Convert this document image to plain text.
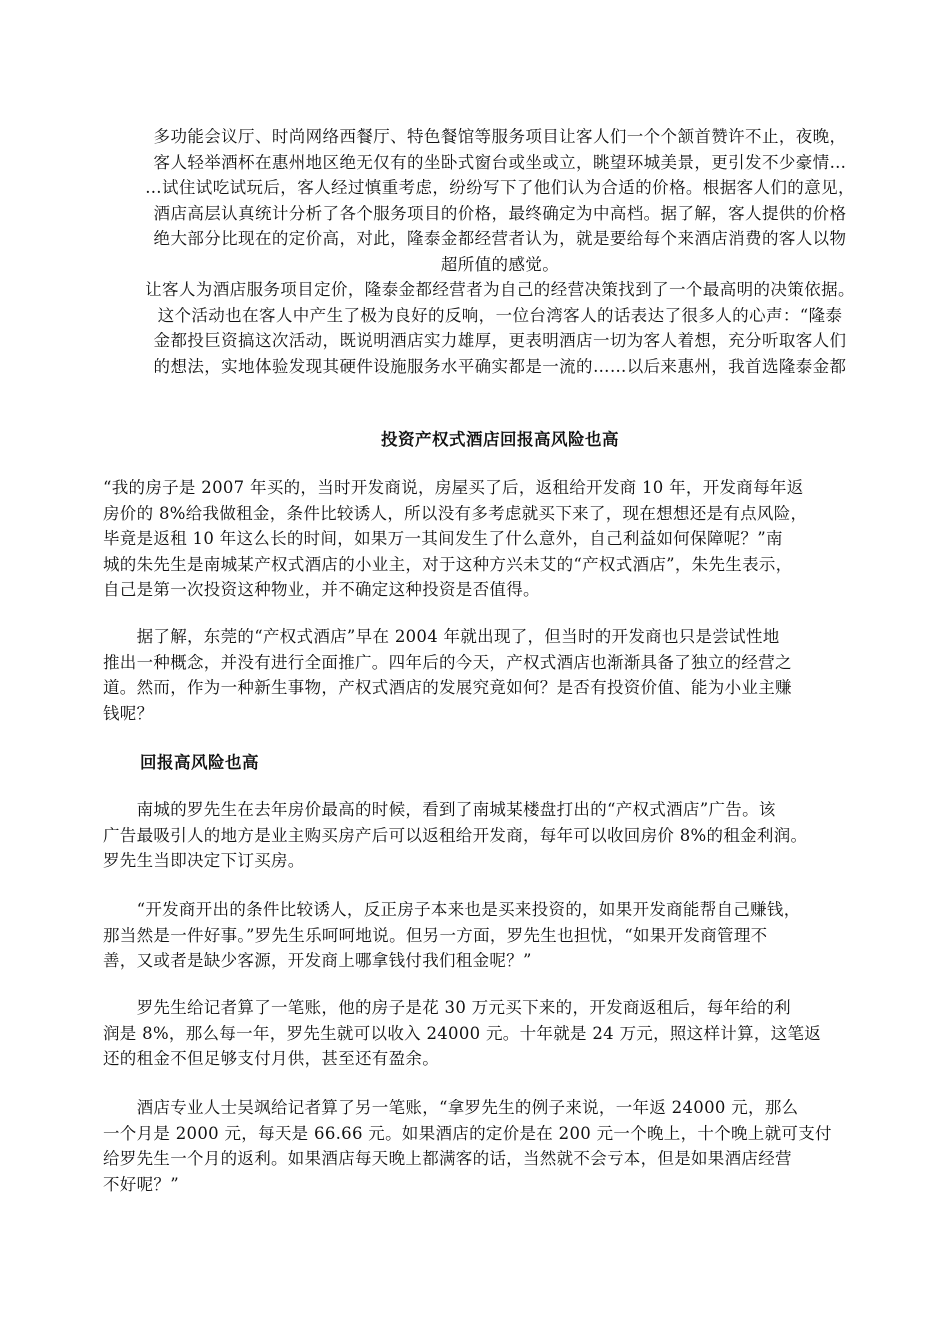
多功能会议厅、时尚网络西餐厅、特色餐馆等服务项目让客人们一个个颔首赞许不止，夜晚，
客人轻举酒杯在惠州地区绝无仅有的坐卧式窗台或坐或立，眺望环城美景，更引发不少豪情…
…试住试吃试玩后，客人经过慎重考虑，纷纷写下了他们认为合适的价格。根据客人们的意见，
酒店高层认真统计分析了各个服务项目的价格，最终确定为中高档。据了解，客人提供的价格
绝大部分比现在的定价高，对此，隆泰金都经营者认为，就是要给每个来酒店消费的客人以物
超所值的感觉。
让客人为酒店服务项目定价，隆泰金都经营者为自己的经营决策找到了一个最高明的决策依据。
这个活动也在客人中产生了极为良好的反响，一位台湾客人的话表达了很多人的心声：“隆泰
金都投巨资搞这次活动，既说明酒店实力雄厚，更表明酒店一切为客人着想，充分听取客人们
的想法，实地体验发现其硬件设施服务水平确实都是一流的……以后来惠州，我首选隆泰金都
投资产权式酒店回报高风险也高
“我的房子是 2007 年买的，当时开发商说，房屋买了后，返租给开发商 10 年，开发商每年返
房价的 8%给我做租金，条件比较诱人，所以没有多考虑就买下来了，现在想想还是有点风险，
毕竟是返租 10 年这么长的时间，如果万一其间发生了什么意外，自己利益如何保障呢？”南
城的朱先生是南城某产权式酒店的小业主，对于这种方兴未艾的“产权式酒店”，朱先生表示，
自己是第一次投资这种物业，并不确定这种投资是否值得。
　　据了解，东莞的“产权式酒店”早在 2004 年就出现了，但当时的开发商也只是尝试性地
推出一种概念，并没有进行全面推广。四年后的今天，产权式酒店也渐渐具备了独立的经营之
道。然而，作为一种新生事物，产权式酒店的发展究竟如何？是否有投资价值、能为小业主赚
钱呢？
回报高风险也高
　　南城的罗先生在去年房价最高的时候，看到了南城某楼盘打出的“产权式酒店”广告。该
广告最吸引人的地方是业主购买房产后可以返租给开发商，每年可以收回房价 8%的租金利润。
罗先生当即决定下订买房。
　　“开发商开出的条件比较诱人，反正房子本来也是买来投资的，如果开发商能帮自己赚钱，
那当然是一件好事。”罗先生乐呵呵地说。但另一方面，罗先生也担忧，“如果开发商管理不
善，又或者是缺少客源，开发商上哪拿钱付我们租金呢？”
　　罗先生给记者算了一笔账，他的房子是花 30 万元买下来的，开发商返租后，每年给的利
润是 8%，那么每一年，罗先生就可以收入 24000 元。十年就是 24 万元，照这样计算，这笔返
还的租金不但足够支付月供，甚至还有盈余。
　　酒店专业人士吴飒给记者算了另一笔账，“拿罗先生的例子来说，一年返 24000 元，那么
一个月是 2000 元，每天是 66.66 元。如果酒店的定价是在 200 元一个晚上，十个晚上就可支付
给罗先生一个月的返利。如果酒店每天晚上都满客的话，当然就不会亏本，但是如果酒店经营
不好呢？”
